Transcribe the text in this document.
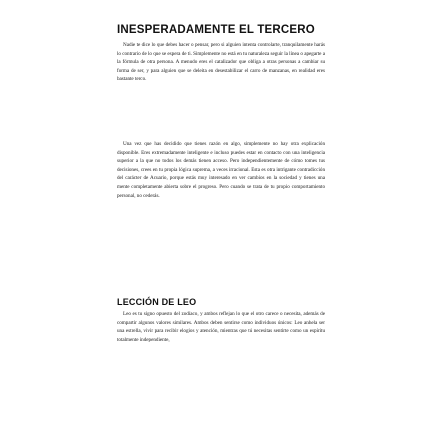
INESPERADAMENTE EL TERCERO

Nadie te dice lo que debes hacer o pensar, pero si alguien intenta controlarte, tranquilamente harás lo contrario de lo que se espera de ti. Simplemente no está en tu naturaleza seguir la línea o apegarte a la fórmula de otra persona. A menudo eres el catalizador que obliga a otras personas a cambiar su forma de ser, y para alguien que se deleita en desestabilizar el carro de manzanas, en realidad eres bastante terco.

Una vez que has decidido que tienes razón en algo, simplemente no hay otra explicación disponible. Eres extremadamente inteligente e incluso puedes estar en contacto con una inteligencia superior a la que no todos los demás tienen acceso. Pero independientemente de cómo tomes tus decisiones, crees en tu propia lógica suprema, a veces irracional. Esta es otra intrigante contradicción del carácter de Acuario, porque estás muy interesado en ver cambios en la sociedad y tienes una mente completamente abierta sobre el progreso. Pero cuando se trata de tu propio comportamiento personal, no cederás.

LECCIÓN DE LEO

Leo es tu signo opuesto del zodíaco, y ambos reflejan lo que el otro carece o necesita, además de compartir algunos valores similares. Ambos deben sentirse como individuos únicos: Leo anhela ser una estrella, vivir para recibir elogios y atención, mientras que tú necesitas sentirte como un espíritu totalmente independiente,
